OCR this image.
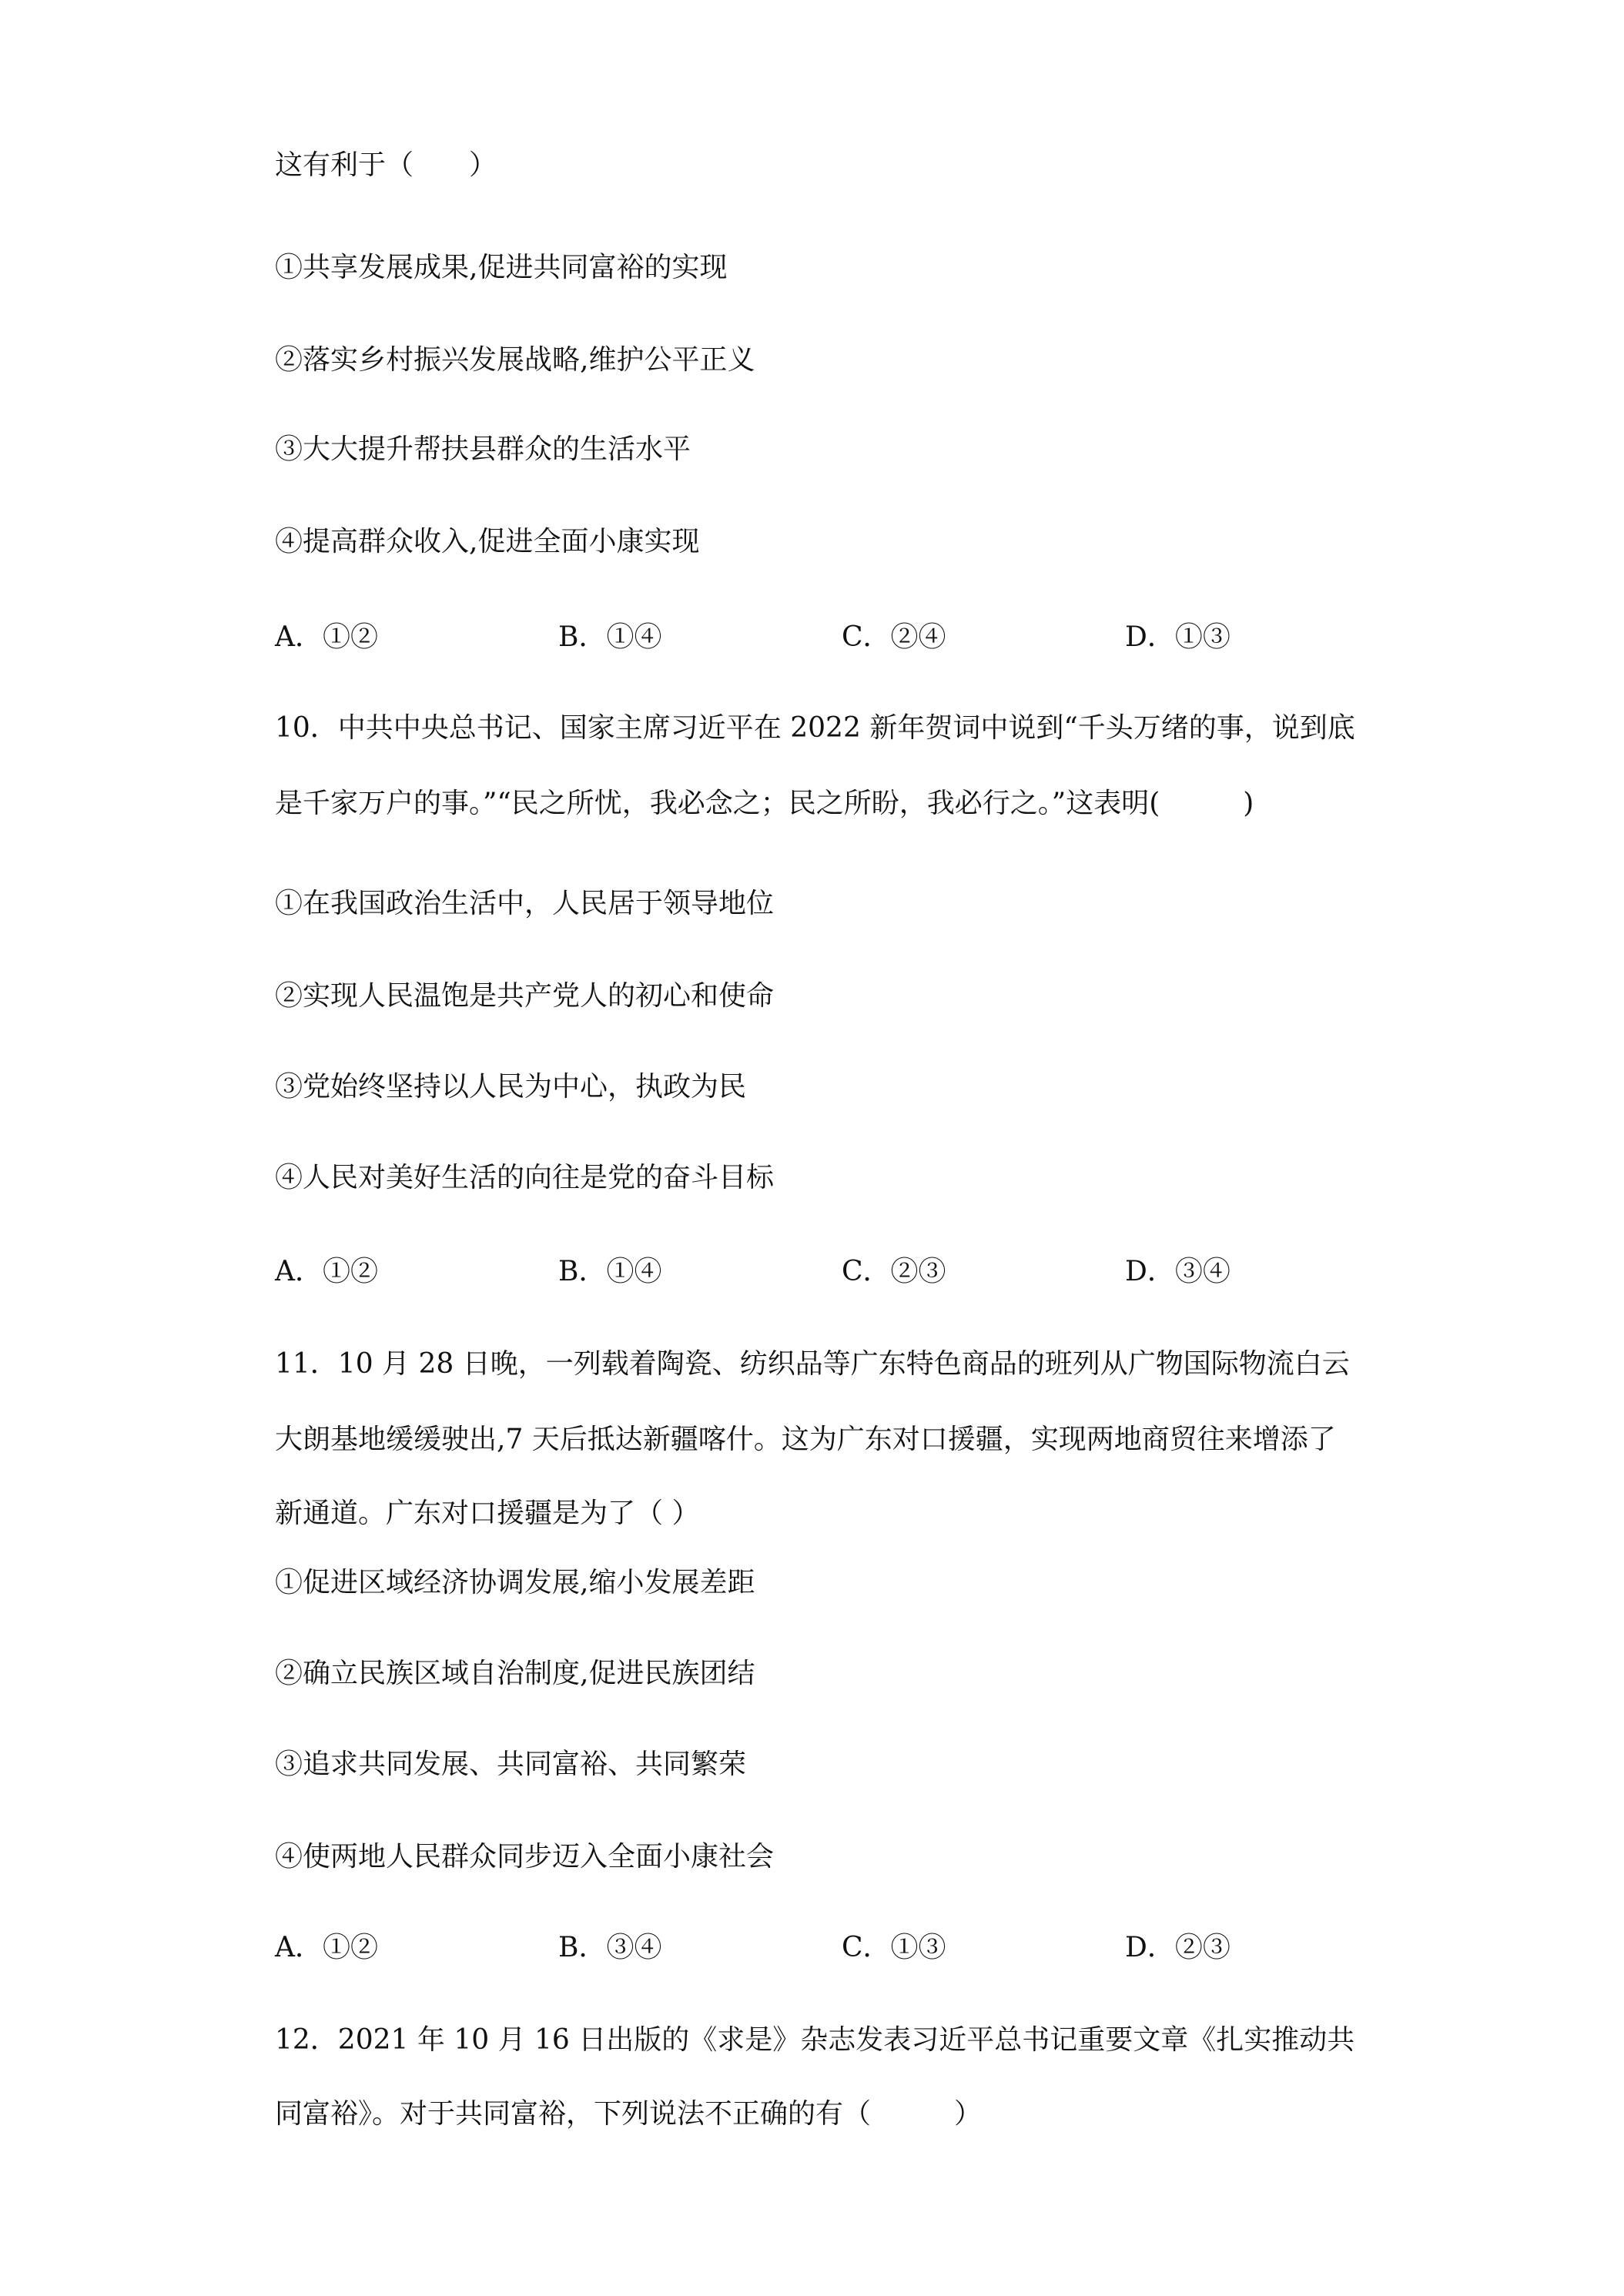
这有利于（　　）
①共享发展成果,促进共同富裕的实现
②落实乡村振兴发展战略,维护公平正义
③大大提升帮扶县群众的生活水平
④提高群众收入,促进全面小康实现
A．①②	B．①④	C．②④	D．①③
10．中共中央总书记、国家主席习近平在 2022 新年贺词中说到“千头万绪的事，说到底
是千家万户的事。”“民之所忧，我必念之；民之所盼，我必行之。”这表明(　　　)
①在我国政治生活中，人民居于领导地位
②实现人民温饱是共产党人的初心和使命
③党始终坚持以人民为中心，执政为民
④人民对美好生活的向往是党的奋斗目标
A．①②	B．①④	C．②③	D．③④
11．10 月 28 日晚，一列载着陶瓷、纺织品等广东特色商品的班列从广物国际物流白云
大朗基地缓缓驶出,7 天后抵达新疆喀什。这为广东对口援疆，实现两地商贸往来增添了
新通道。广东对口援疆是为了（ ）
①促进区域经济协调发展,缩小发展差距
②确立民族区域自治制度,促进民族团结
③追求共同发展、共同富裕、共同繁荣
④使两地人民群众同步迈入全面小康社会
A．①②	B．③④	C．①③	D．②③
12．2021 年 10 月 16 日出版的《求是》杂志发表习近平总书记重要文章《扎实推动共
同富裕》。对于共同富裕，下列说法不正确的有（　　　）
